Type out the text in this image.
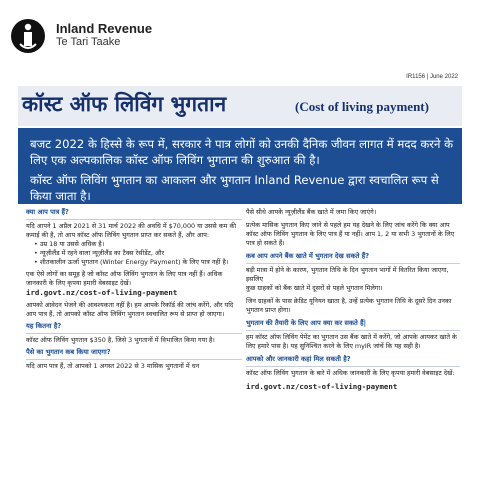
Inland Revenue
Te Tari Taake
IR1156 | June 2022
कॉस्ट ऑफ लिविंग भुगतान	(Cost of living payment)

बजट 2022 के हिस्से के रूप में, सरकार ने पात्र लोगों को उनकी दैनिक जीवन लागत में मदद करने के लिए एक अल्पकालिक कॉस्ट ऑफ लिविंग भुगतान की शुरुआत की है।

कॉस्ट ऑफ लिविंग भुगतान का आकलन और भुगतान Inland Revenue द्वारा स्वचालित रूप से किया जाता है।

क्या आप पात्र हैं?

यदि आपने 1 अप्रैल 2021 से 31 मार्च 2022 की अवधि में $70,000 या उससे कम की कमाई की है, तो आप कॉस्ट ऑफ लिविंग भुगतान प्राप्त कर सकते हैं, और आप:

• उम्र 18 या उससे अधिक है।
• न्यूज़ीलैंड में रहने वाला न्यूज़ीलैंड का टैक्स रेसीडेंट, और
• शीतकालीन ऊर्जा भुगतान (Winter Energy Payment) के लिए पात्र नहीं है।

एक ऐसे लोगों का समूह है जो कॉस्ट ऑफ लिविंग भुगतान के लिए पात्र नहीं हैं। अधिक जानकारी के लिए कृपया हमारी वेबसाइट देखें।

ird.govt.nz/cost-of-living-payment

आपको आवेदन भेजने की आवश्यकता नहीं है। हम आपके रिकॉर्ड की जांच करेंगे, और यदि आप पात्र हैं, तो आपको कॉस्ट ऑफ लिविंग भुगतान स्वचालित रूप से प्राप्त हो जाएगा।

यह कितना है?

कॉस्ट ऑफ लिविंग भुगतान $350 है, जिसे 3 भुगतानों में विभाजित किया गया है।

पैसे का भुगतान कब किया जाएगा?

यदि आप पात्र हैं, तो आपको 1 अगस्त 2022 से 3 मासिक भुगतानों में धन

पैसे सीधे आपके न्यूज़ीलैंड बैंक खाते में जमा किए जाएंगे।

प्रत्येक मासिक भुगतान किए जाने से पहले हम यह देखने के लिए जांच करेंगे कि क्या आप कॉस्ट ऑफ लिविंग भुगतान के लिए पात्र हैं या नहीं। आप 1, 2 या सभी 3 भुगतानों के लिए पात्र हो सकते हैं।

कब आप अपने बैंक खाते में भुगतान देख सकते हैं?

बड़ी मात्रा में होने के कारण, भुगतान तिथि के दिन भुगतान भागों में वितरित किया जाएगा, इसलिए

कुछ ग्राहकों को बैंक खाते में दूसरों से पहले भुगतान मिलेगा।

जिन ग्राहकों के पास क्रेडिट यूनियन खाता है, उन्हें प्रत्येक भुगतान तिथि के दूसरे दिन उनका भुगतान प्राप्त होगा।

भुगतान की तैयारी के लिए आप क्या कर सकते हैं|

हम कॉस्ट ऑफ लिविंग पेमेंट का भुगतान उस बैंक खाते में करेंगे, जो आपके आयकर खाते के लिए हमारे पास है। यह सुनिश्चित करने के लिए myIR जांचें कि यह सही है।

आपको और जानकारी कहां मिल सकती है?

कॉस्ट ऑफ लिविंग भुगतान के बारे में अधिक जानकारी के लिए कृपया हमारी वेबसाइट देखें:

ird.govt.nz/cost-of-living-payment
